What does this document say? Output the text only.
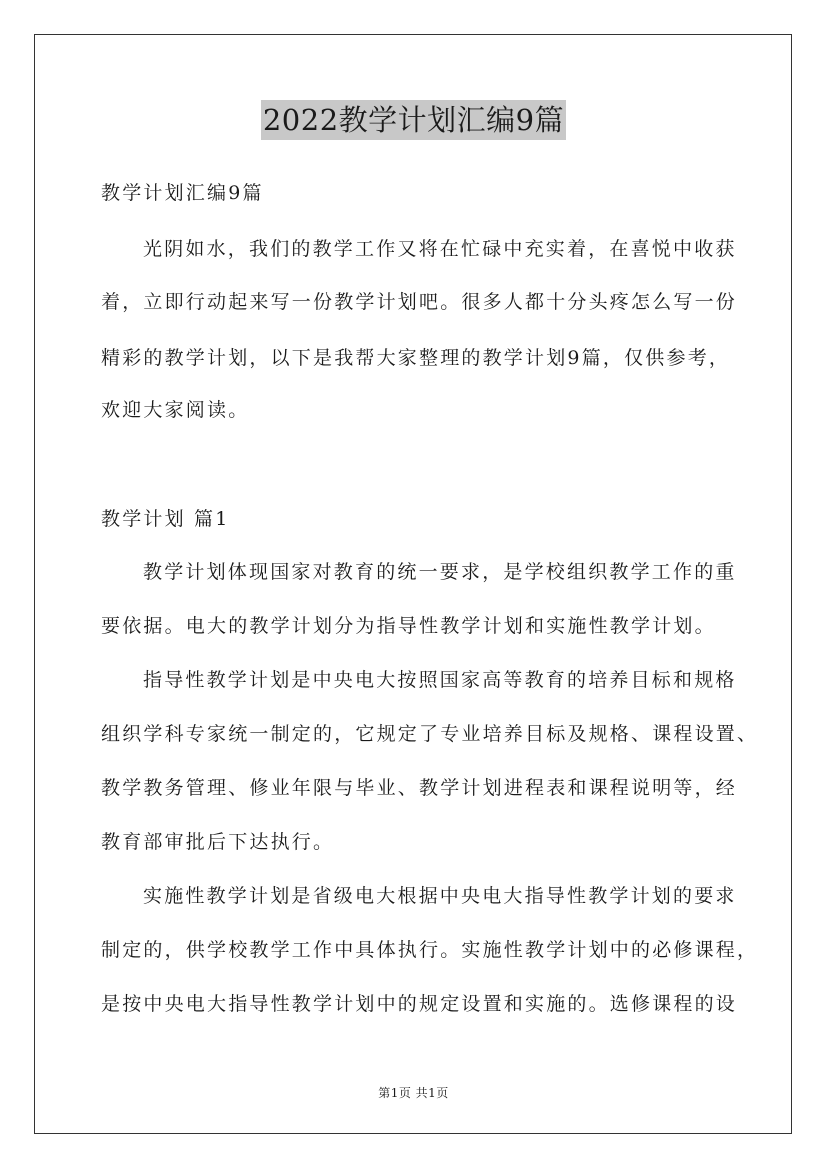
2022教学计划汇编9篇
教学计划汇编9篇
光阴如水，我们的教学工作又将在忙碌中充实着，在喜悦中收获
着，立即行动起来写一份教学计划吧。很多人都十分头疼怎么写一份
精彩的教学计划，以下是我帮大家整理的教学计划9篇，仅供参考，
欢迎大家阅读。
教学计划 篇1
教学计划体现国家对教育的统一要求，是学校组织教学工作的重
要依据。电大的教学计划分为指导性教学计划和实施性教学计划。
指导性教学计划是中央电大按照国家高等教育的培养目标和规格
组织学科专家统一制定的，它规定了专业培养目标及规格、课程设置、
教学教务管理、修业年限与毕业、教学计划进程表和课程说明等，经
教育部审批后下达执行。
实施性教学计划是省级电大根据中央电大指导性教学计划的要求
制定的，供学校教学工作中具体执行。实施性教学计划中的必修课程，
是按中央电大指导性教学计划中的规定设置和实施的。选修课程的设
第1页 共1页
